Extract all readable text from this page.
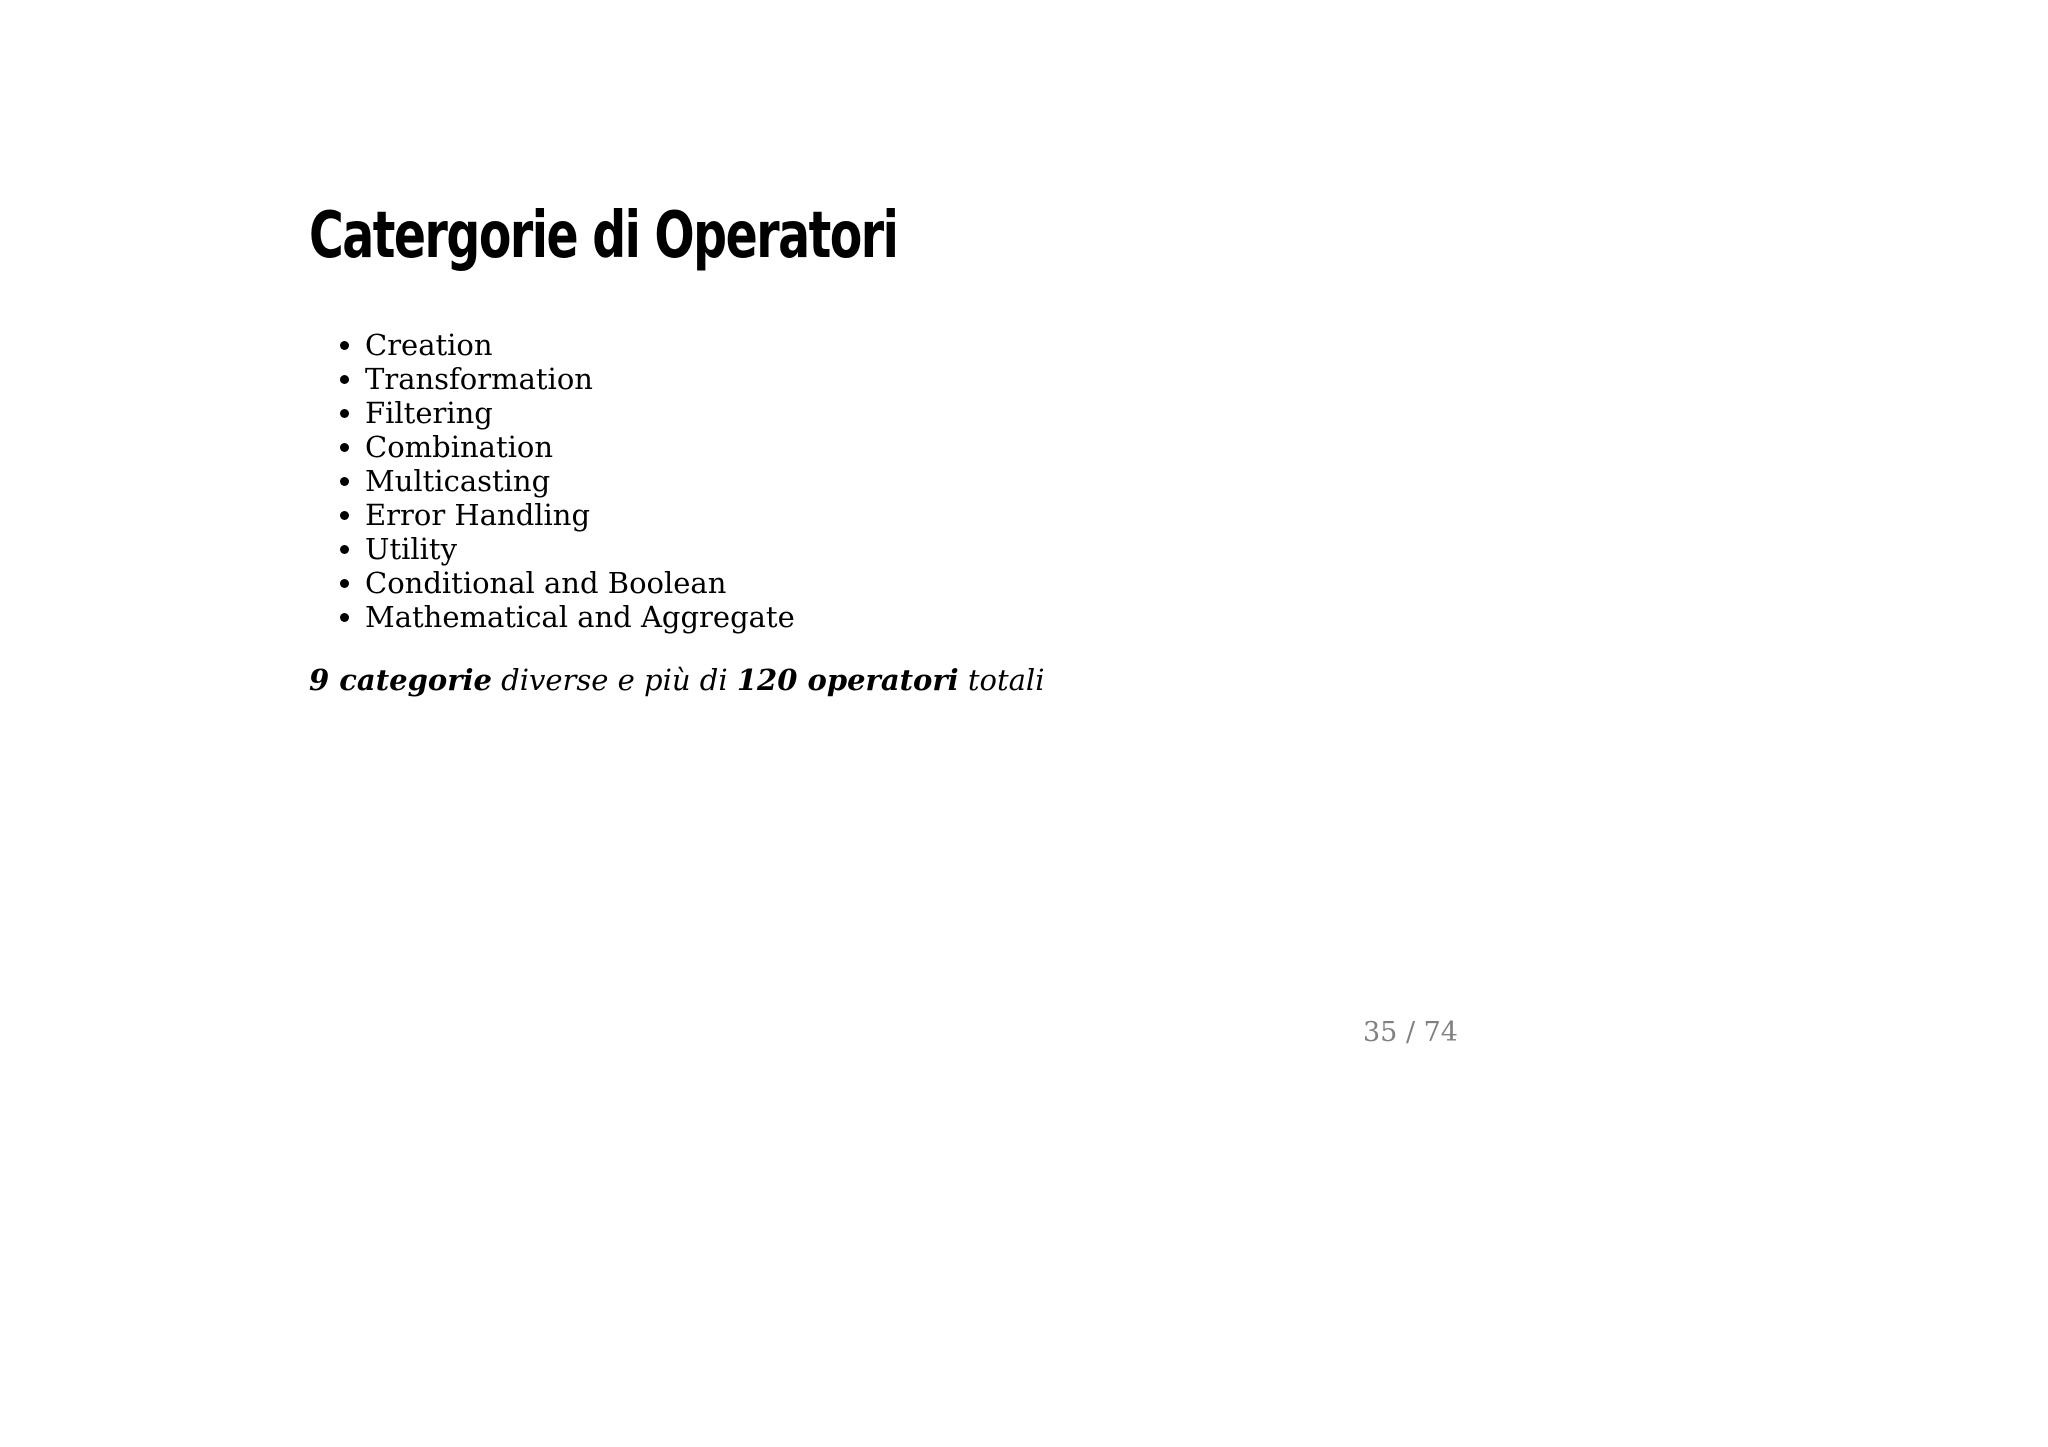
Catergorie di Operatori
• Creation
• Transformation
• Filtering
• Combination
• Multicasting
• Error Handling
• Utility
• Conditional and Boolean
• Mathematical and Aggregate

9 categorie diverse e più di 120 operatori totali

35 / 74
